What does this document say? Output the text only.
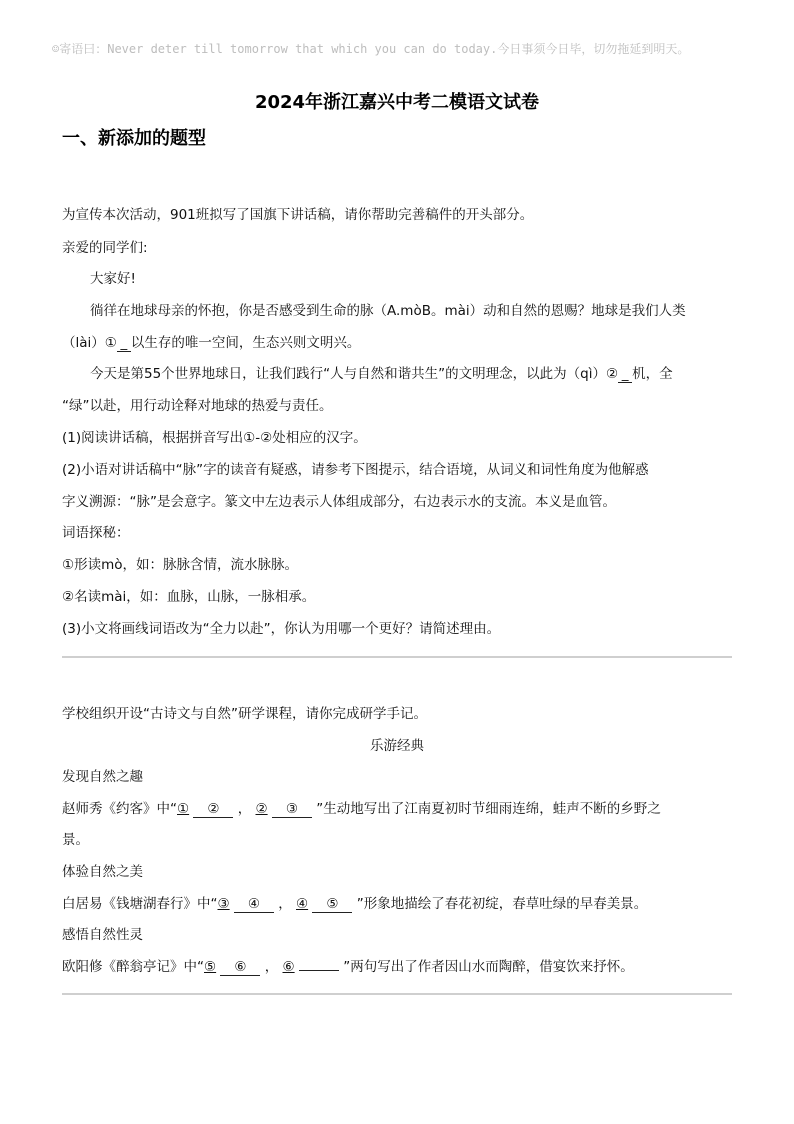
☺寄语曰：Never deter till tomorrow that which you can do today.今日事须今日毕，切勿拖延到明天。
2024年浙江嘉兴中考二模语文试卷
一、新添加的题型
为宣传本次活动，901班拟写了国旗下讲话稿，请你帮助完善稿件的开头部分。
亲爱的同学们:
大家好!
徜徉在地球母亲的怀抱，你是否感受到生命的脉（A.mòB。mài）动和自然的恩赐？地球是我们人类
（lài）① _ 以生存的唯一空间，生态兴则文明兴。
今天是第55个世界地球日，让我们践行“人与自然和谐共生”的文明理念，以此为（qì）② _ 机，全
“绿”以赴，用行动诠释对地球的热爱与责任。
(1)阅读讲话稿，根据拼音写出①-②处相应的汉字。
(2)小语对讲话稿中“脉”字的读音有疑惑，请参考下图提示，结合语境，从词义和词性角度为他解惑
字义溯源：“脉”是会意字。篆文中左边表示人体组成部分，右边表示水的支流。本义是血管。
词语探秘：
①形读mò，如：脉脉含情，流水脉脉。
②名读mài，如：血脉，山脉，一脉相承。
(3)小文将画线词语改为“全力以赴”，你认为用哪一个更好？请简述理由。
学校组织开设“古诗文与自然”研学课程，请你完成研学手记。
乐游经典
发现自然之趣
赵师秀《约客》中“① ② ， ② ③ ”生动地写出了江南夏初时节细雨连绵，蛙声不断的乡野之
景。
体验自然之美
白居易《钱塘湖春行》中“③ ④ ， ④ ⑤ ”形象地描绘了春花初绽，春草吐绿的早春美景。
感悟自然性灵
欧阳修《醉翁亭记》中“⑤ ⑥ ， ⑥	”两句写出了作者因山水而陶醉，借宴饮来抒怀。
